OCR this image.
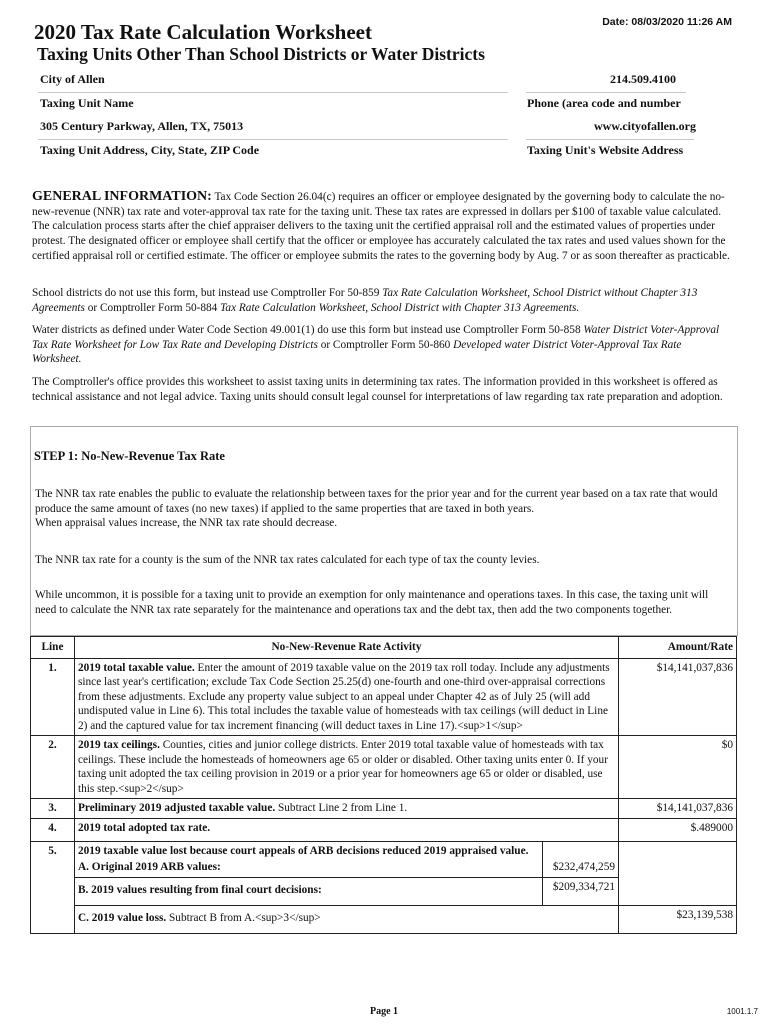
2020 Tax Rate Calculation Worksheet	Date: 08/03/2020 11:26 AM
Taxing Units Other Than School Districts or Water Districts
City of Allen
Taxing Unit Name
214.509.4100
Phone (area code and number
305 Century Parkway, Allen, TX, 75013
Taxing Unit Address, City, State, ZIP Code
www.cityofallen.org
Taxing Unit's Website Address

GENERAL INFORMATION: Tax Code Section 26.04(c) requires an officer or employee designated by the governing body to calculate the no-new-revenue (NNR) tax rate and voter-approval tax rate for the taxing unit. These tax rates are expressed in dollars per $100 of taxable value calculated. The calculation process starts after the chief appraiser delivers to the taxing unit the certified appraisal roll and the estimated values of properties under protest. The designated officer or employee shall certify that the officer or employee has accurately calculated the tax rates and used values shown for the certified appraisal roll or certified estimate. The officer or employee submits the rates to the governing body by Aug. 7 or as soon thereafter as practicable.

School districts do not use this form, but instead use Comptroller For 50-859 Tax Rate Calculation Worksheet, School District without Chapter 313 Agreements or Comptroller Form 50-884 Tax Rate Calculation Worksheet, School District with Chapter 313 Agreements.

Water districts as defined under Water Code Section 49.001(1) do use this form but instead use Comptroller Form 50-858 Water District Voter-Approval Tax Rate Worksheet for Low Tax Rate and Developing Districts or Comptroller Form 50-860 Developed water District Voter-Approval Tax Rate Worksheet.

The Comptroller's office provides this worksheet to assist taxing units in determining tax rates. The information provided in this worksheet is offered as technical assistance and not legal advice. Taxing units should consult legal counsel for interpretations of law regarding tax rate preparation and adoption.

STEP 1: No-New-Revenue Tax Rate

The NNR tax rate enables the public to evaluate the relationship between taxes for the prior year and for the current year based on a tax rate that would produce the same amount of taxes (no new taxes) if applied to the same properties that are taxed in both years.
When appraisal values increase, the NNR tax rate should decrease.

The NNR tax rate for a county is the sum of the NNR tax rates calculated for each type of tax the county levies.

While uncommon, it is possible for a taxing unit to provide an exemption for only maintenance and operations taxes. In this case, the taxing unit will need to calculate the NNR tax rate separately for the maintenance and operations tax and the debt tax, then add the two components together.

Line	No-New-Revenue Rate Activity		Amount/Rate
1.	2019 total taxable value. Enter the amount of 2019 taxable value on the 2019 tax roll today. Include any adjustments since last year's certification; exclude Tax Code Section 25.25(d) one-fourth and one-third over-appraisal corrections from these adjustments. Exclude any property value subject to an appeal under Chapter 42 as of July 25 (will add undisputed value in Line 6). This total includes the taxable value of homesteads with tax ceilings (will deduct in Line 2) and the captured value for tax increment financing (will deduct taxes in Line 17).<sup>1</sup>		$14,141,037,836
2.	2019 tax ceilings. Counties, cities and junior college districts. Enter 2019 total taxable value of homesteads with tax ceilings. These include the homesteads of homeowners age 65 or older or disabled. Other taxing units enter 0. If your taxing unit adopted the tax ceiling provision in 2019 or a prior year for homeowners age 65 or older or disabled, use this step.<sup>2</sup>		$0
3.	Preliminary 2019 adjusted taxable value. Subtract Line 2 from Line 1.		$14,141,037,836
4.	2019 total adopted tax rate.		$.489000
5.	2019 taxable value lost because court appeals of ARB decisions reduced 2019 appraised value.
A. Original 2019 ARB values:	$232,474,259	
	B. 2019 values resulting from final court decisions:	$209,334,721	
	C. 2019 value loss. Subtract B from A.<sup>3</sup>		$23,139,538
Page 1	1001.1.7
